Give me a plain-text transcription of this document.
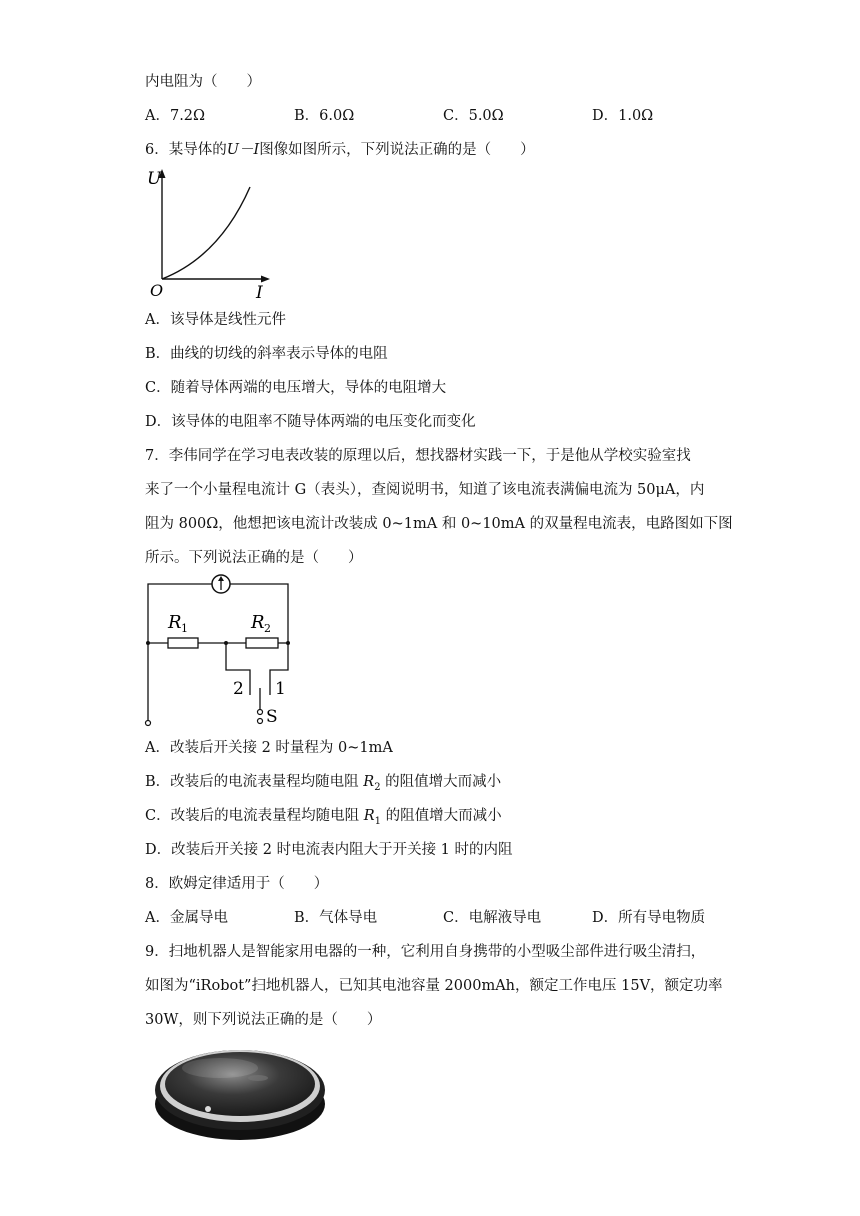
内电阻为（　　）
A．7.2Ω	B．6.0Ω	C．5.0Ω	D．1.0Ω
6．某导体的U－I图像如图所示，下列说法正确的是（　　）
U
I
O
A．该导体是线性元件
B．曲线的切线的斜率表示导体的电阻
C．随着导体两端的电压增大，导体的电阻增大
D．该导体的电阻率不随导体两端的电压变化而变化
7．李伟同学在学习电表改装的原理以后，想找器材实践一下，于是他从学校实验室找
来了一个小量程电流计 G（表头），查阅说明书，知道了该电流表满偏电流为 50μA，内
阻为 800Ω，他想把该电流计改装成 0~1mA 和 0~10mA 的双量程电流表，电路图如下图
所示。下列说法正确的是（　　）
R 1	R 2
2 1
S
A．改装后开关接 2 时量程为 0~1mA
B．改装后的电流表量程均随电阻 $R_2$ 的阻值增大而减小
C．改装后的电流表量程均随电阻 $R_1$ 的阻值增大而减小
D．改装后开关接 2 时电流表内阻大于开关接 1 时的内阻
8．欧姆定律适用于（　　）
A．金属导电	B．气体导电	C．电解液导电	D．所有导电物质
9．扫地机器人是智能家用电器的一种，它利用自身携带的小型吸尘部件进行吸尘清扫，
如图为“iRobot”扫地机器人，已知其电池容量 2000mAh，额定工作电压 15V，额定功率
30W，则下列说法正确的是（　　）
